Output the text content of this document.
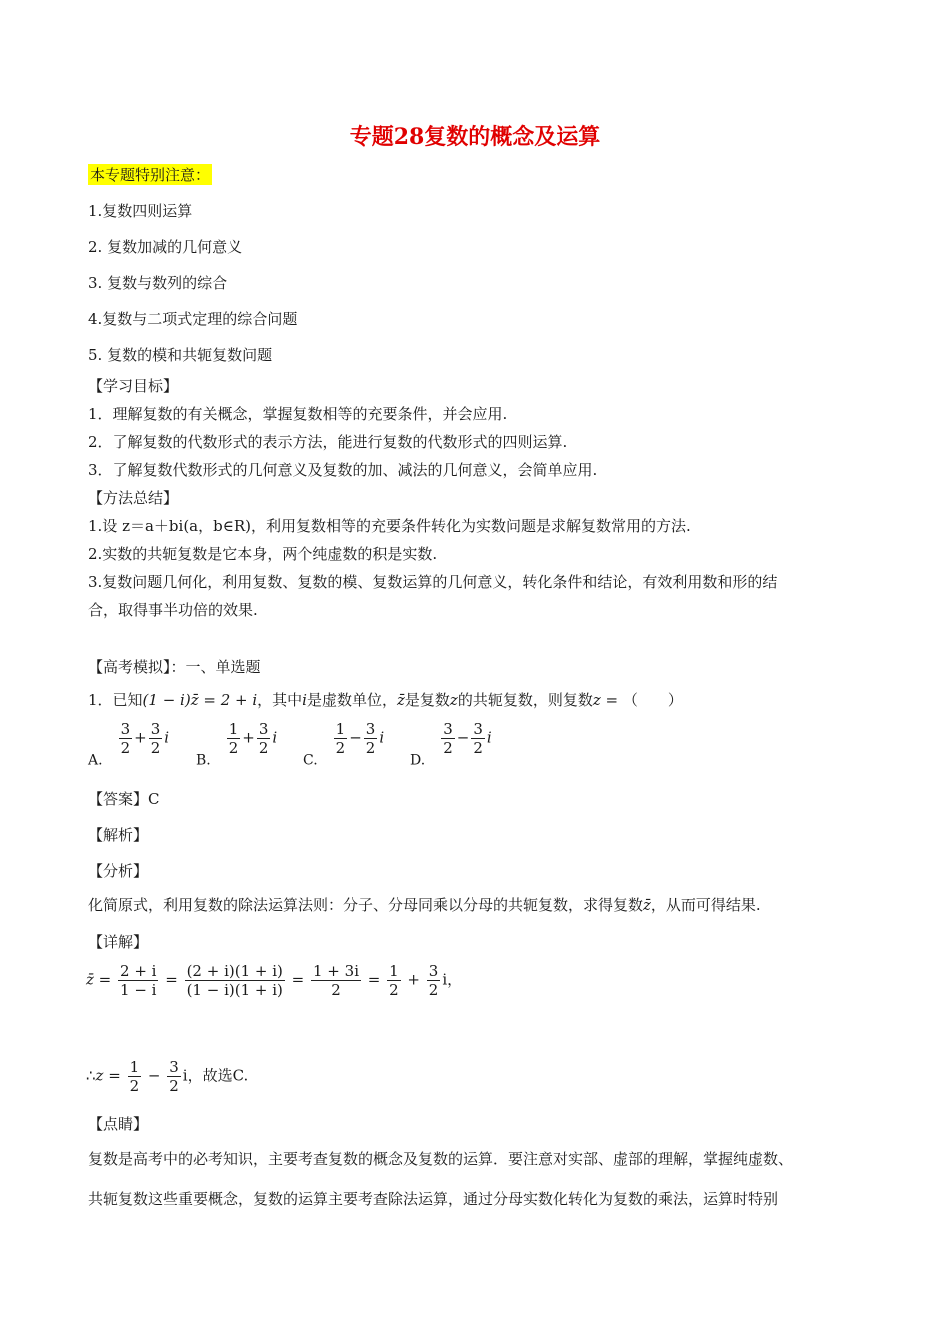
专题28复数的概念及运算
本专题特别注意：
1.复数四则运算
2. 复数加减的几何意义
3. 复数与数列的综合
4.复数与二项式定理的综合问题
5. 复数的模和共轭复数问题
【学习目标】
1．理解复数的有关概念，掌握复数相等的充要条件，并会应用.
2．了解复数的代数形式的表示方法，能进行复数的代数形式的四则运算.
3．了解复数代数形式的几何意义及复数的加、减法的几何意义，会简单应用.
【方法总结】
1.设 z＝a＋bi(a，b∈R)，利用复数相等的充要条件转化为实数问题是求解复数常用的方法.
2.实数的共轭复数是它本身，两个纯虚数的积是实数.
3.复数问题几何化，利用复数、复数的模、复数运算的几何意义，转化条件和结论，有效利用数和形的结
合，取得事半功倍的效果.
【高考模拟】：一、单选题
1．已知(1 − i)z̄ = 2 + i，其中i是虚数单位，z̄是复数z的共轭复数，则复数z = （　　）
A.
$\frac{3}{2} + \frac{3}{2}$ i
B.
$\frac{1}{2} + \frac{3}{2}$ i
C.
$\frac{1}{2} - \frac{3}{2}$ i
D.
$\frac{3}{2} - \frac{3}{2}$ i
【答案】C
【解析】
【分析】
化简原式，利用复数的除法运算法则：分子、分母同乘以分母的共轭复数，求得复数z̄，从而可得结果.
【详解】
z̄ = $\frac{2 + i}{1 - i} = \frac{(2 + i)(1 + i)}{(1 - i)(1 + i)} = \frac{1 + 3i}{2} = \frac{1}{2} + \frac{3}{2}$ i，
∴z = $\frac{1}{2} - \frac{3}{2}$ i，故选C.
【点睛】
复数是高考中的必考知识，主要考查复数的概念及复数的运算．要注意对实部、虚部的理解，掌握纯虚数、
共轭复数这些重要概念，复数的运算主要考查除法运算，通过分母实数化转化为复数的乘法，运算时特别
